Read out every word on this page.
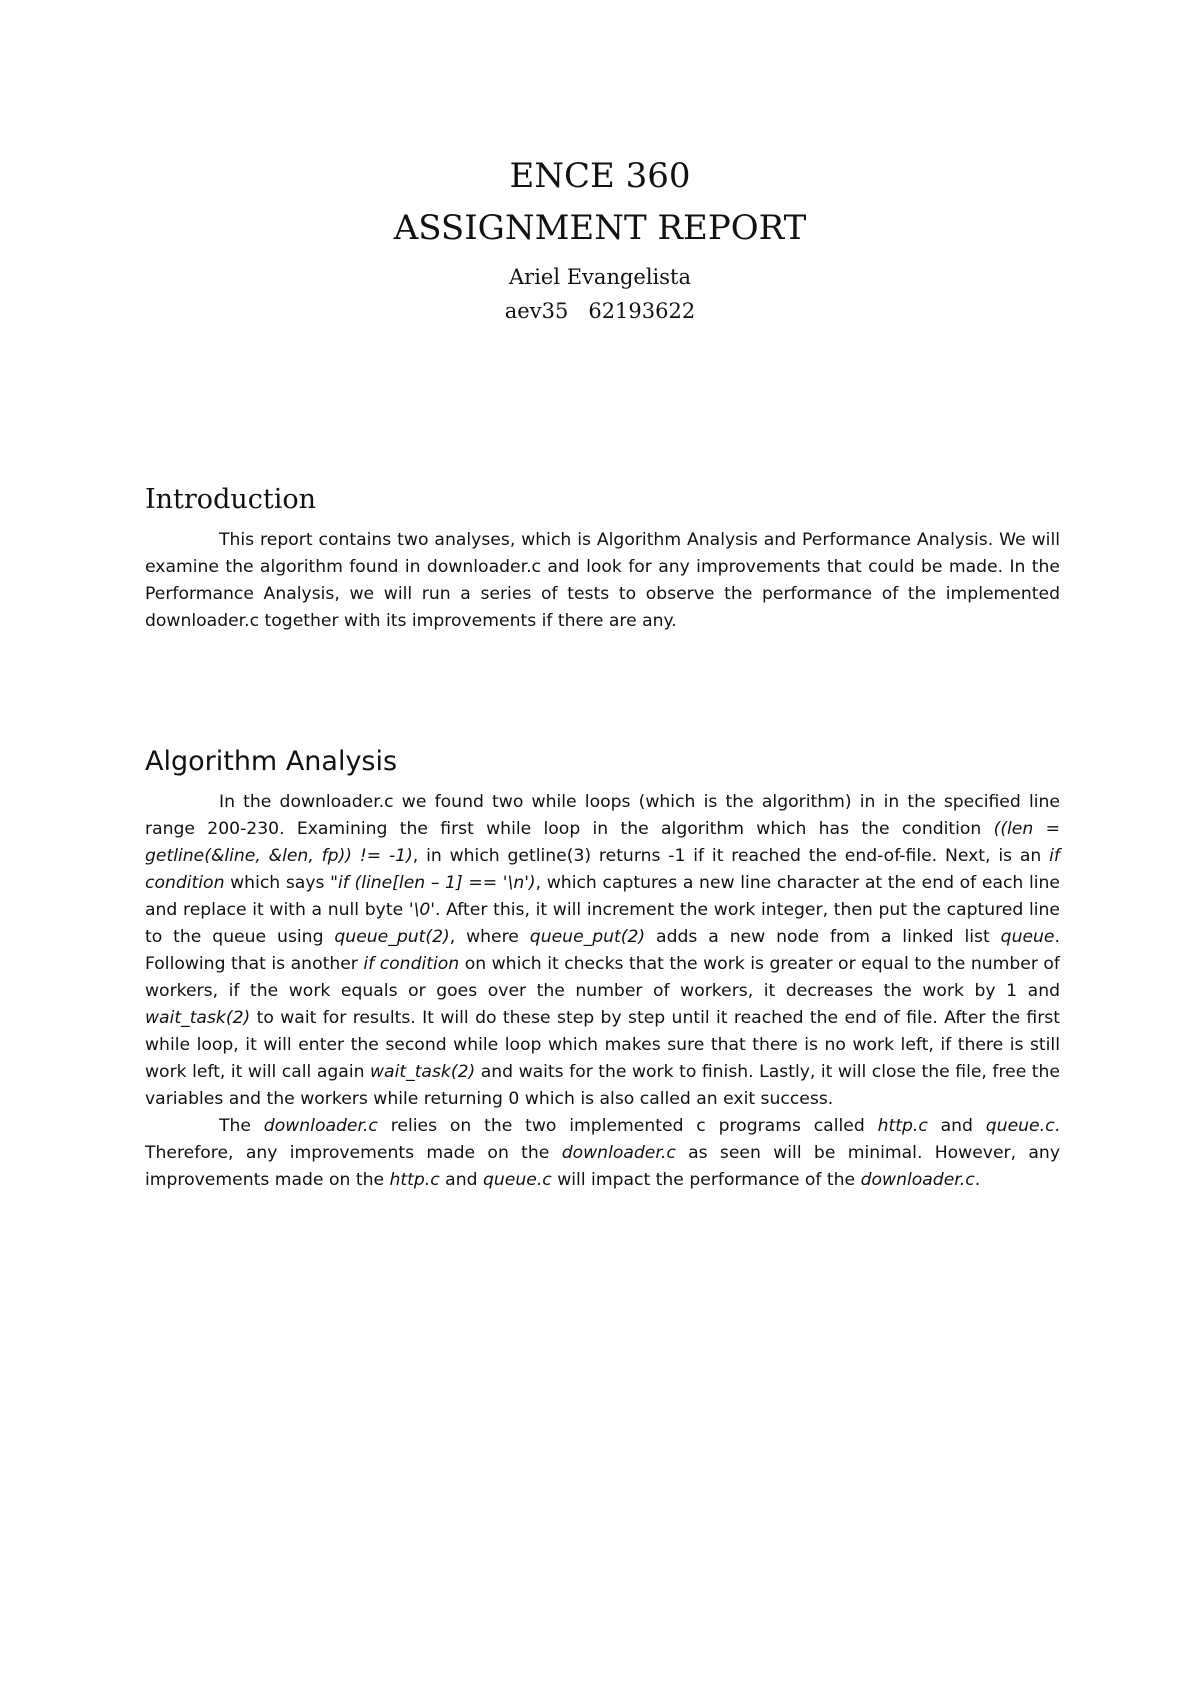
ENCE 360
ASSIGNMENT REPORT

Ariel Evangelista

aev35 62193622

Introduction

This report contains two analyses, which is Algorithm Analysis and Performance Analysis. We will examine the algorithm found in downloader.c and look for any improvements that could be made. In the Performance Analysis, we will run a series of tests to observe the performance of the implemented downloader.c together with its improvements if there are any.

Algorithm Analysis

In the downloader.c we found two while loops (which is the algorithm) in in the specified line range 200-230. Examining the first while loop in the algorithm which has the condition ((len = getline(&line, &len, fp)) != -1), in which getline(3) returns -1 if it reached the end-of-file. Next, is an if condition which says "if (line[len – 1] == '\n'), which captures a new line character at the end of each line and replace it with a null byte '\0'. After this, it will increment the work integer, then put the captured line to the queue using queue_put(2), where queue_put(2) adds a new node from a linked list queue. Following that is another if condition on which it checks that the work is greater or equal to the number of workers, if the work equals or goes over the number of workers, it decreases the work by 1 and wait_task(2) to wait for results. It will do these step by step until it reached the end of file. After the first while loop, it will enter the second while loop which makes sure that there is no work left, if there is still work left, it will call again wait_task(2) and waits for the work to finish. Lastly, it will close the file, free the variables and the workers while returning 0 which is also called an exit success.

The downloader.c relies on the two implemented c programs called http.c and queue.c. Therefore, any improvements made on the downloader.c as seen will be minimal. However, any improvements made on the http.c and queue.c will impact the performance of the downloader.c.
